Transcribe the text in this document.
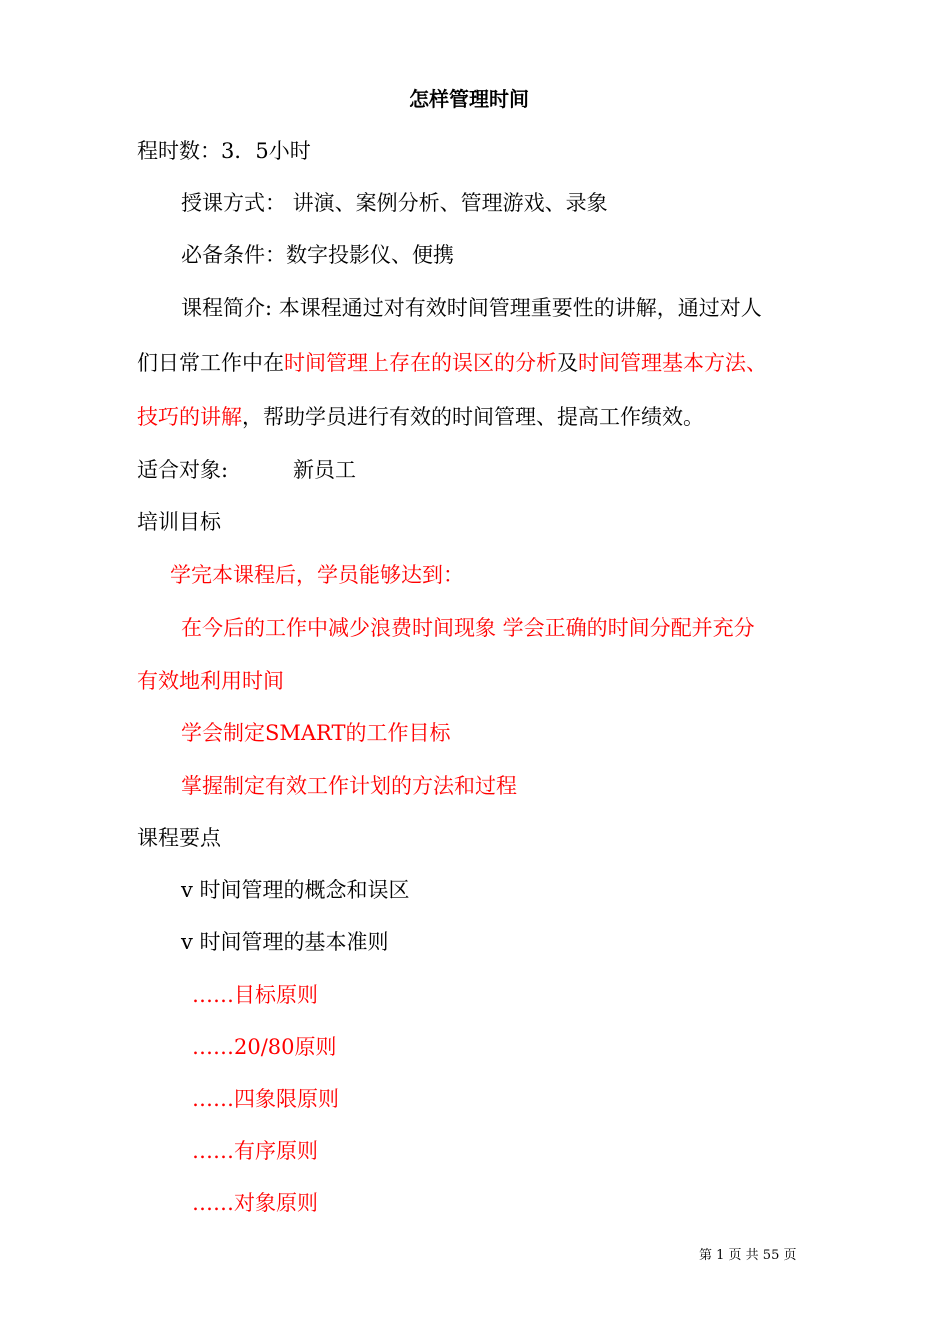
怎样管理时间
程时数：3．5小时
授课方式： 讲演、案例分析、管理游戏、录象
必备条件：数字投影仪、便携
课程简介: 本课程通过对有效时间管理重要性的讲解，通过对人
们日常工作中在时间管理上存在的误区的分析及时间管理基本方法、
技巧的讲解，帮助学员进行有效的时间管理、提高工作绩效。
适合对象:	新员工
培训目标
学完本课程后，学员能够达到：
在今后的工作中减少浪费时间现象 学会正确的时间分配并充分
有效地利用时间
学会制定SMART的工作目标
掌握制定有效工作计划的方法和过程
课程要点
v 时间管理的概念和误区
v 时间管理的基本准则
……目标原则
……20/80原则
……四象限原则
……有序原则
……对象原则
第 1 页 共 55 页
